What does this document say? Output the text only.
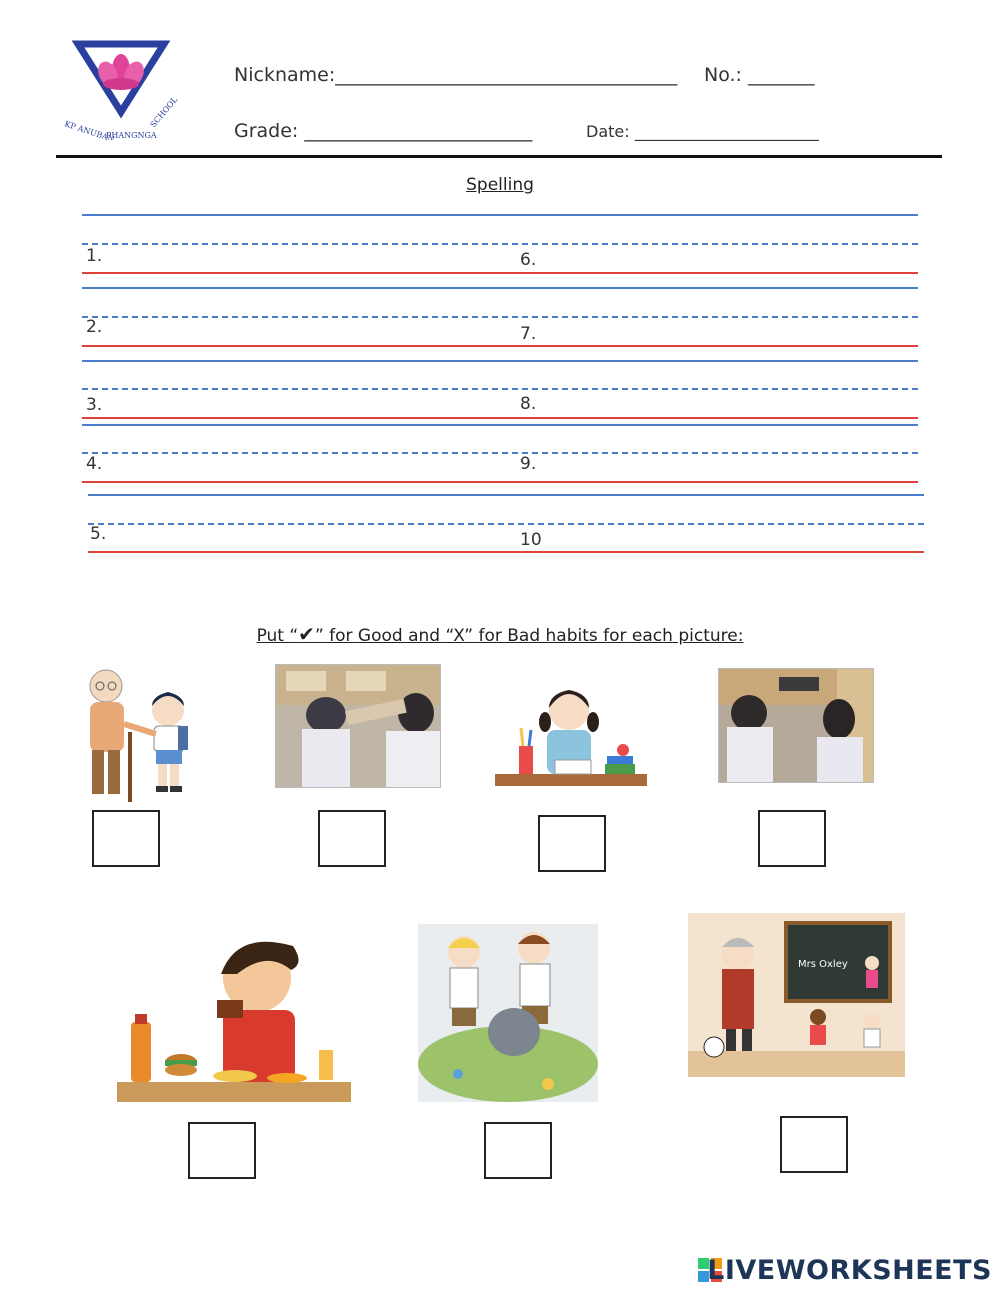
KP ANUBAN
PHANGNGA
SCHOOL
Nickname:____________________________________ No.: _______
Grade: ________________________	Date: _______________________
Spelling
1.
2.
3.
4.
5.
6.
7.
8.
9.
10
Put “✔” for Good and “X” for Bad habits for each picture:
Mrs Oxley
LIVEWORKSHEETS
